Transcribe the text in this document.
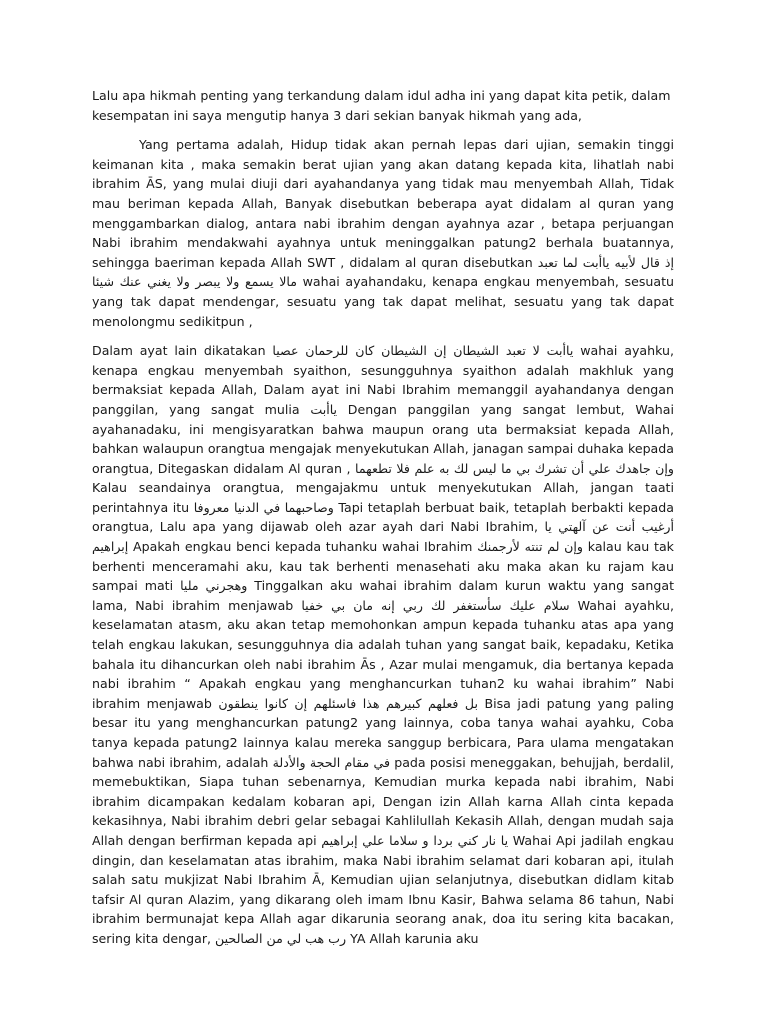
Lalu apa hikmah penting yang terkandung dalam idul adha ini yang dapat kita petik, dalam kesempatan ini saya mengutip hanya 3 dari sekian banyak hikmah yang ada,

Yang pertama adalah, Hidup tidak akan pernah lepas dari ujian, semakin tinggi keimanan kita , maka semakin berat ujian yang akan datang kepada kita, lihatlah nabi ibrahim ĀS, yang mulai diuji dari ayahandanya yang tidak mau menyembah Allah, Tidak mau beriman kepada Allah, Banyak disebutkan beberapa ayat didalam al quran yang menggambarkan dialog, antara nabi ibrahim dengan ayahnya azar , betapa perjuangan Nabi ibrahim mendakwahi ayahnya untuk meninggalkan patung2 berhala buatannya, sehingga baeriman kepada Allah SWT , didalam al quran disebutkan إذ قال لأبيه ياأبت لما تعبد مالا يسمع ولا يبصر ولا يغني عنك شيئا wahai ayahandaku, kenapa engkau menyembah, sesuatu yang tak dapat mendengar, sesuatu yang tak dapat melihat, sesuatu yang tak dapat menolongmu sedikitpun ,

Dalam ayat lain dikatakan ياأبت لا تعبد الشيطان إن الشيطان كان للرحمان عصيا wahai ayahku, kenapa engkau menyembah syaithon, sesungguhnya syaithon adalah makhluk yang bermaksiat kepada Allah, Dalam ayat ini Nabi Ibrahim memanggil ayahandanya dengan panggilan, yang sangat mulia ياأبت Dengan panggilan yang sangat lembut, Wahai ayahanadaku, ini mengisyaratkan bahwa maupun orang uta bermaksiat kepada Allah, bahkan walaupun orangtua mengajak menyekutukan Allah, janagan sampai duhaka kepada orangtua, Ditegaskan didalam Al quran , وإن جاهدك علي أن تشرك بي ما ليس لك به علم فلا تطعهما Kalau seandainya orangtua, mengajakmu untuk menyekutukan Allah, jangan taati perintahnya itu وصاحبهما في الدنيا معروفا Tapi tetaplah berbuat baik, tetaplah berbakti kepada orangtua, Lalu apa yang dijawab oleh azar ayah dari Nabi Ibrahim, أرغيب أنت عن آلهتي يا إبراهيم Apakah engkau benci kepada tuhanku wahai Ibrahim وإن لم تنته لأرجمنك kalau kau tak berhenti menceramahi aku, kau tak berhenti menasehati aku maka akan ku rajam kau sampai mati وهجرني مليا Tinggalkan aku wahai ibrahim dalam kurun waktu yang sangat lama, Nabi ibrahim menjawab سلام عليك سأستغفر لك ربي إنه مان بي خفيا Wahai ayahku, keselamatan atasm, aku akan tetap memohonkan ampun kepada tuhanku atas apa yang telah engkau lakukan, sesungguhnya dia adalah tuhan yang sangat baik, kepadaku, Ketika bahala itu dihancurkan oleh nabi ibrahim Ās , Azar mulai mengamuk, dia bertanya kepada nabi ibrahim “ Apakah engkau yang menghancurkan tuhan2 ku wahai ibrahim” Nabi ibrahim menjawab بل فعلهم كبيرهم هذا فاسئلهم إن كانوا ينطقون Bisa jadi patung yang paling besar itu yang menghancurkan patung2 yang lainnya, coba tanya wahai ayahku, Coba tanya kepada patung2 lainnya kalau mereka sanggup berbicara, Para ulama mengatakan bahwa nabi ibrahim, adalah في مقام الحجة والأدلة pada posisi meneggakan, behujjah, berdalil, memebuktikan, Siapa tuhan sebenarnya, Kemudian murka kepada nabi ibrahim, Nabi ibrahim dicampakan kedalam kobaran api, Dengan izin Allah karna Allah cinta kepada kekasihnya, Nabi ibrahim debri gelar sebagai Kahlilullah Kekasih Allah, dengan mudah saja Allah dengan berfirman kepada api يا نار كني بردا و سلاما علي إبراهيم Wahai Api jadilah engkau dingin, dan keselamatan atas ibrahim, maka Nabi ibrahim selamat dari kobaran api, itulah salah satu mukjizat Nabi Ibrahim Ā, Kemudian ujian selanjutnya, disebutkan didlam kitab tafsir Al quran Alazim, yang dikarang oleh imam Ibnu Kasir, Bahwa selama 86 tahun, Nabi ibrahim bermunajat kepa Allah agar dikarunia seorang anak, doa itu sering kita bacakan, sering kita dengar, رب هب لي من الصالحين YA Allah karunia aku
